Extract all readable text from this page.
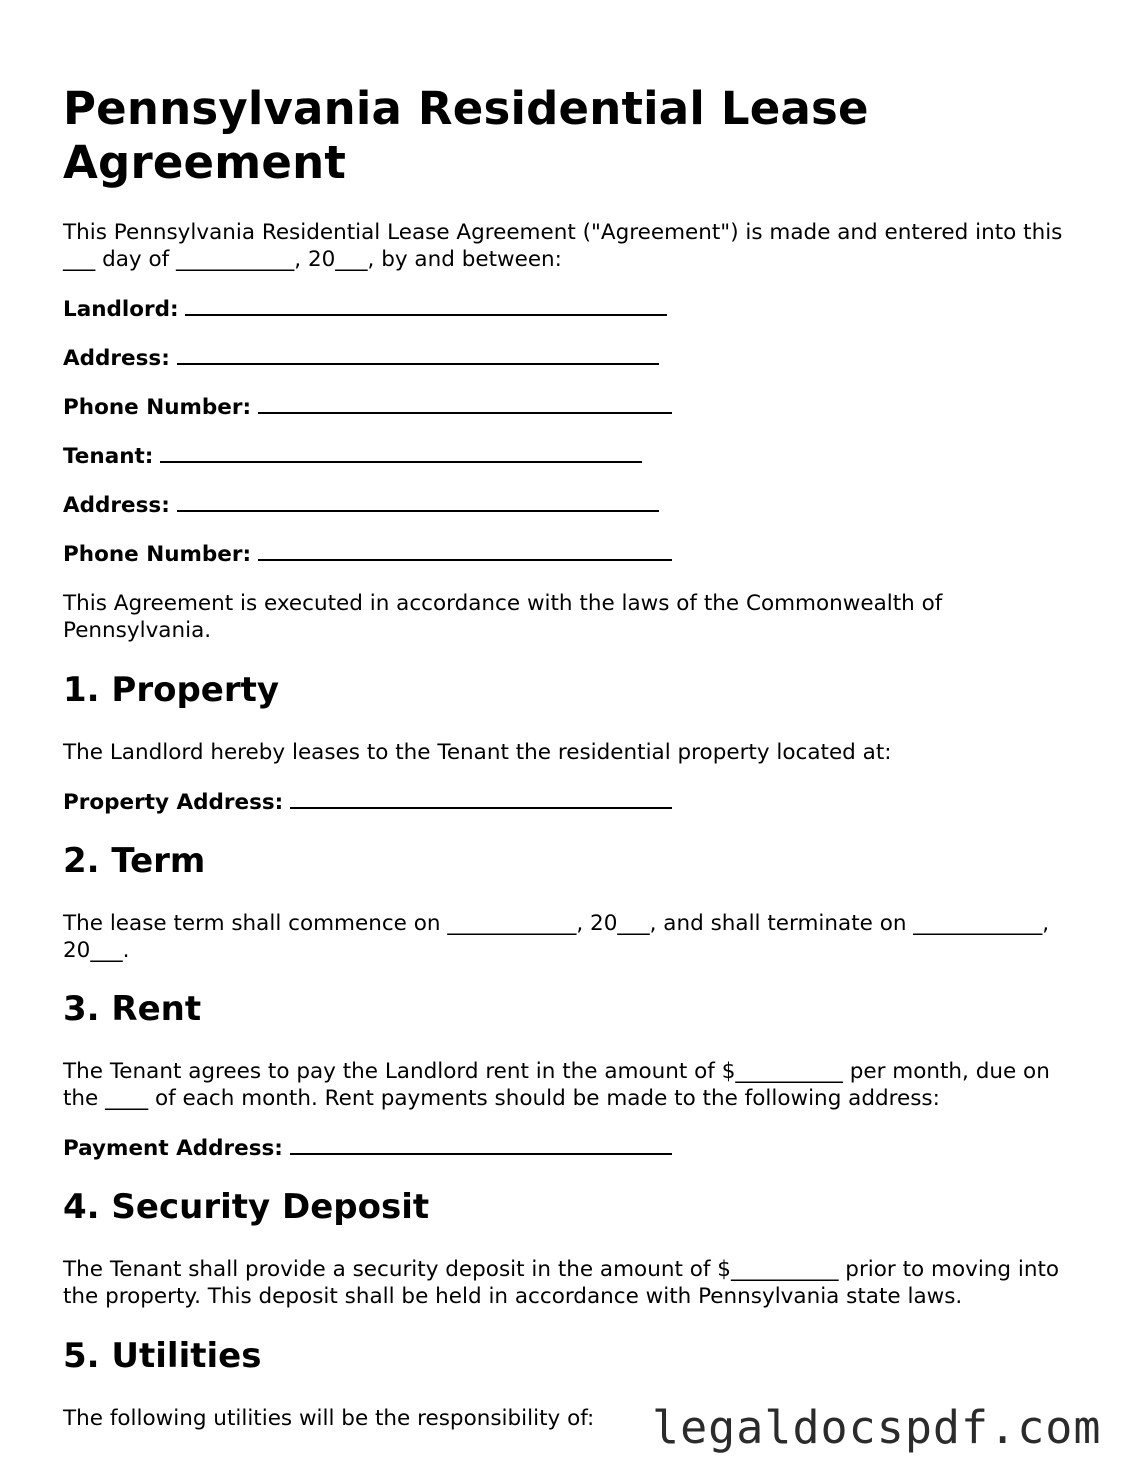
Pennsylvania Residential Lease Agreement

This Pennsylvania Residential Lease Agreement ("Agreement") is made and entered into this ___ day of ___________, 20___, by and between:

Landlord:
Address:
Phone Number:
Tenant:
Address:
Phone Number:

This Agreement is executed in accordance with the laws of the Commonwealth of Pennsylvania.

1. Property

The Landlord hereby leases to the Tenant the residential property located at:

Property Address:
2. Term

The lease term shall commence on ____________, 20___, and shall terminate on ____________, 20___.

3. Rent

The Tenant agrees to pay the Landlord rent in the amount of $__________ per month, due on the ____ of each month. Rent payments should be made to the following address:

Payment Address:
4. Security Deposit

The Tenant shall provide a security deposit in the amount of $__________ prior to moving into the property. This deposit shall be held in accordance with Pennsylvania state laws.

5. Utilities

The following utilities will be the responsibility of:	legaldocspdf.com
